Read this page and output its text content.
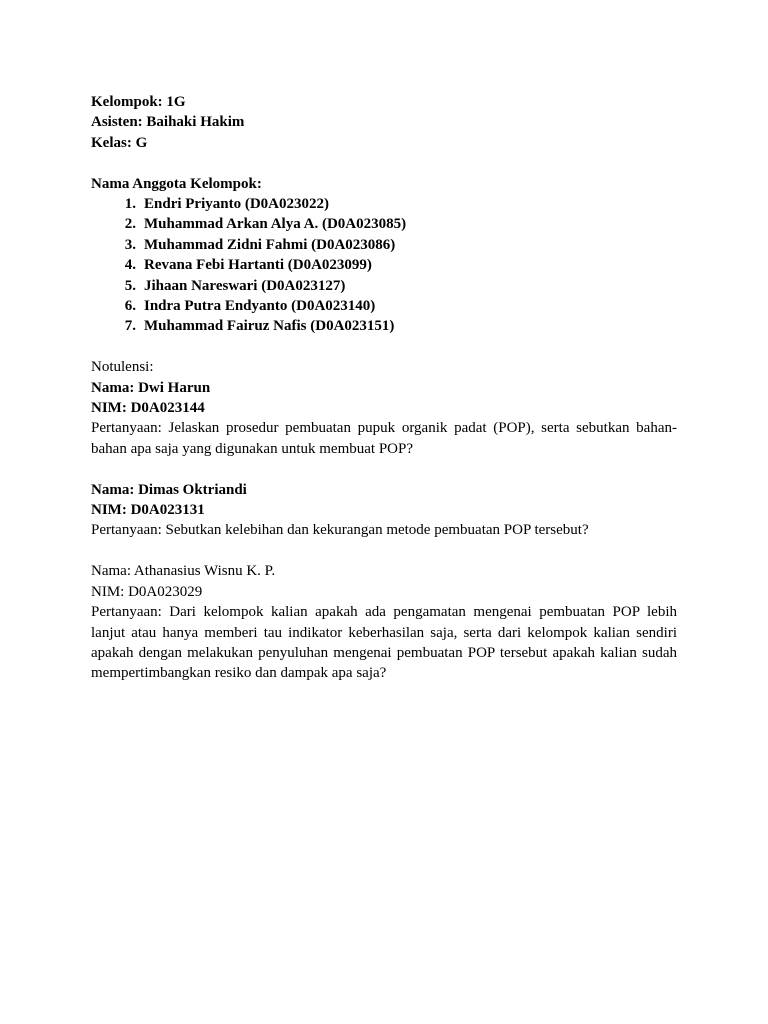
Kelompok: 1G
Asisten: Baihaki Hakim
Kelas: G
Nama Anggota Kelompok:
1. Endri Priyanto (D0A023022)
2. Muhammad Arkan Alya A. (D0A023085)
3. Muhammad Zidni Fahmi (D0A023086)
4. Revana Febi Hartanti (D0A023099)
5. Jihaan Nareswari (D0A023127)
6. Indra Putra Endyanto (D0A023140)
7. Muhammad Fairuz Nafis (D0A023151)
Notulensi:
Nama: Dwi Harun
NIM: D0A023144
Pertanyaan: Jelaskan prosedur pembuatan pupuk organik padat (POP), serta sebutkan bahan-bahan apa saja yang digunakan untuk membuat POP?
Nama: Dimas Oktriandi
NIM: D0A023131
Pertanyaan: Sebutkan kelebihan dan kekurangan metode pembuatan POP tersebut?
Nama: Athanasius Wisnu K. P.
NIM: D0A023029
Pertanyaan: Dari kelompok kalian apakah ada pengamatan mengenai pembuatan POP lebih lanjut atau hanya memberi tau indikator keberhasilan saja, serta dari kelompok kalian sendiri apakah dengan melakukan penyuluhan mengenai pembuatan POP tersebut apakah kalian sudah mempertimbangkan resiko dan dampak apa saja?
